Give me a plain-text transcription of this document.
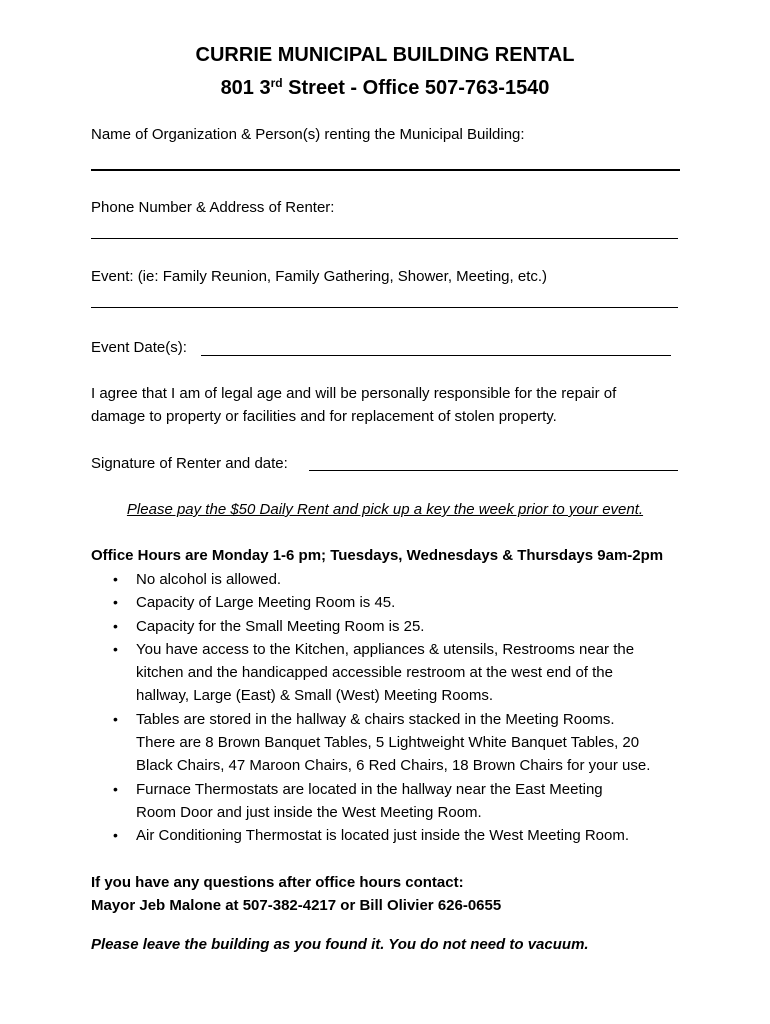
CURRIE MUNICIPAL BUILDING RENTAL
801 3rd Street - Office 507-763-1540
Name of Organization & Person(s) renting the Municipal Building:
Phone Number & Address of Renter:
Event: (ie: Family Reunion, Family Gathering, Shower, Meeting, etc.)
Event Date(s):
I agree that I am of legal age and will be personally responsible for the repair of
damage to property or facilities and for replacement of stolen property.
Signature of Renter and date:
Please pay the $50 Daily Rent and pick up a key the week prior to your event.
Office Hours are Monday 1-6 pm; Tuesdays, Wednesdays & Thursdays 9am-2pm
• No alcohol is allowed.
• Capacity of Large Meeting Room is 45.
• Capacity for the Small Meeting Room is 25.
• You have access to the Kitchen, appliances & utensils, Restrooms near the
kitchen and the handicapped accessible restroom at the west end of the
hallway, Large (East) & Small (West) Meeting Rooms.
• Tables are stored in the hallway & chairs stacked in the Meeting Rooms.
There are 8 Brown Banquet Tables, 5 Lightweight White Banquet Tables, 20
Black Chairs, 47 Maroon Chairs, 6 Red Chairs, 18 Brown Chairs for your use.
• Furnace Thermostats are located in the hallway near the East Meeting
Room Door and just inside the West Meeting Room.
• Air Conditioning Thermostat is located just inside the West Meeting Room.
If you have any questions after office hours contact:
Mayor Jeb Malone at 507-382-4217 or Bill Olivier 626-0655
Please leave the building as you found it. You do not need to vacuum.
